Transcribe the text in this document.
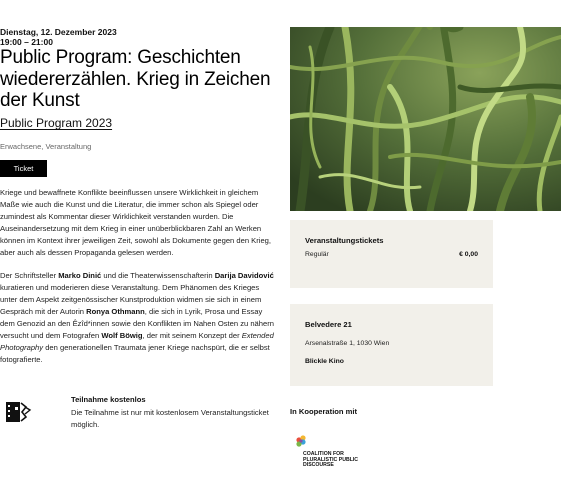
Dienstag, 12. Dezember 2023
19:00 – 21:00
Public Program: Geschichten wiedererzählen. Krieg in Zeichen der Kunst
Public Program 2023
Erwachsene, Veranstaltung
Ticket

Kriege und bewaffnete Konflikte beeinflussen unsere Wirklichkeit in gleichem Maße wie auch die Kunst und die Literatur, die immer schon als Spiegel oder zumindest als Kommentar dieser Wirklichkeit verstanden wurden. Die Auseinandersetzung mit dem Krieg in einer unüberblickbaren Zahl an Werken können im Kontext ihrer jeweiligen Zeit, sowohl als Dokumente gegen den Krieg, aber auch als dessen Propaganda gelesen werden.

Der Schriftsteller Marko Dinić und die Theaterwissenschafterin Darija Davidović kuratieren und moderieren diese Veranstaltung. Dem Phänomen des Krieges unter dem Aspekt zeitgenössischer Kunstproduktion widmen sie sich in einem Gespräch mit der Autorin Ronya Othmann, die sich in Lyrik, Prosa und Essay dem Genozid an den Êzîd*innen sowie den Konflikten im Nahen Osten zu nähern versucht und dem Fotografen Wolf Böwig, der mit seinem Konzept der Extended Photography den generationellen Traumata jener Kriege nachspürt, die er selbst fotografierte.

Teilnahme kostenlos
Die Teilnahme ist nur mit kostenlosem Veranstaltungsticket möglich.
Veranstaltungstickets
Regulär	€ 0,00
Belvedere 21
Arsenalstraße 1, 1030 Wien
Blickle Kino
In Kooperation mit
COALITION FOR
PLURALISTIC PUBLIC
DISCOURSE
